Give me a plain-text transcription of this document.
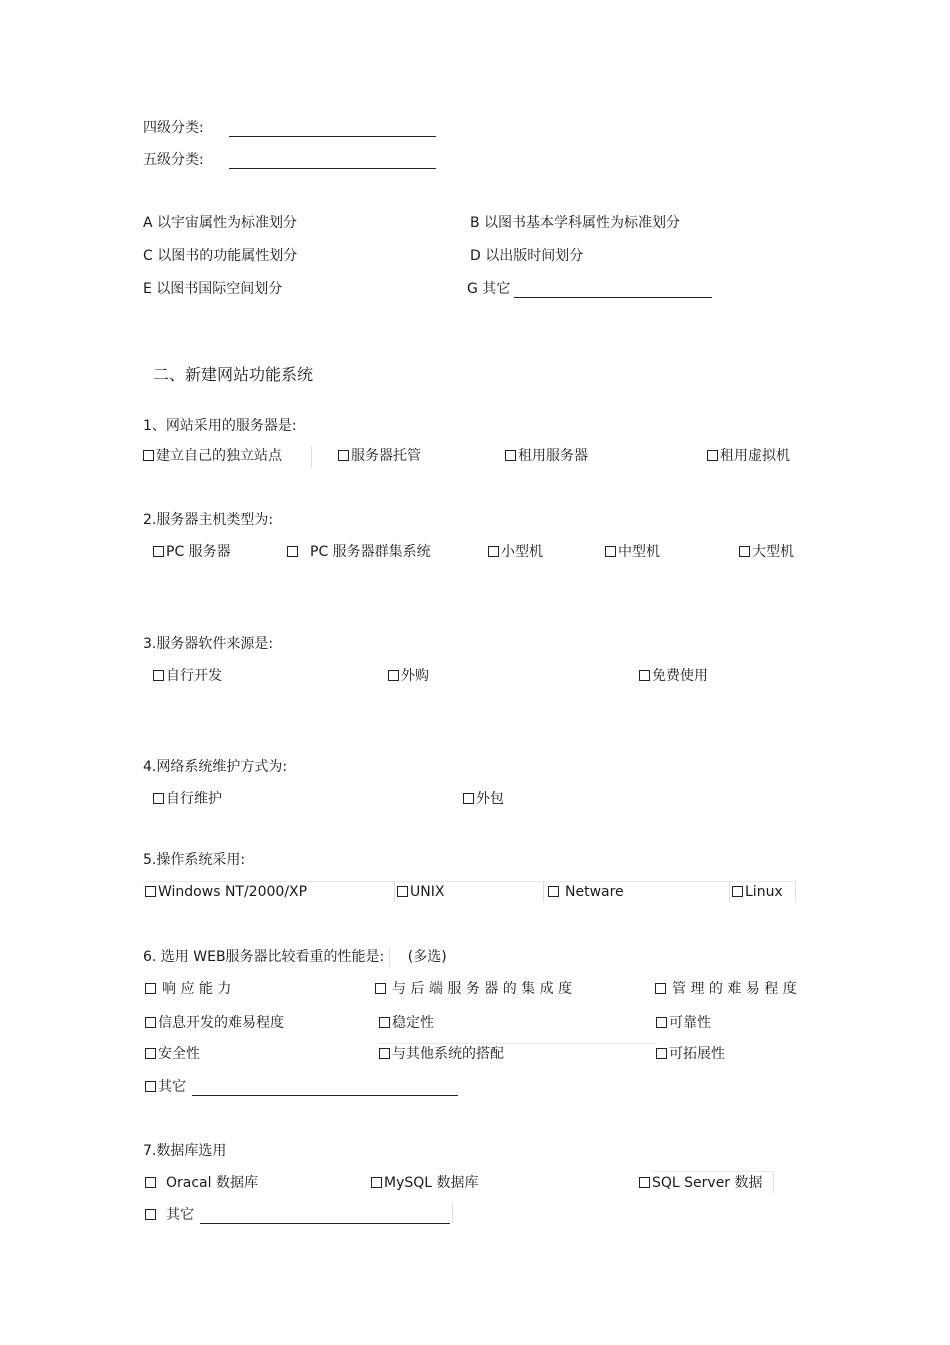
四级分类:
五级分类:
A 以宇宙属性为标准划分	B 以图书基本学科属性为标准划分
C 以图书的功能属性划分	D 以出版时间划分
E 以图书国际空间划分	G 其它
二、新建网站功能系统
1、网站采用的服务器是:
建立自己的独立站点	服务器托管	租用服务器	租用虚拟机
2.服务器主机类型为:
PC 服务器	PC 服务器群集系统	小型机	中型机	大型机
3.服务器软件来源是:
自行开发	外购	免费使用
4.网络系统维护方式为:
自行维护	外包
5.操作系统采用:
Windows NT/2000/XP	UNIX	Netware	Linux
6. 选用 WEB服务器比较看重的性能是: (多选)
响 应 能 力	与 后 端 服 务 器 的 集 成 度	管 理 的 难 易 程 度
信息开发的难易程度	稳定性	可靠性
安全性	与其他系统的搭配	可拓展性
其它
7.数据库选用
Oracal 数据库	MySQL 数据库	SQL Server 数据
其它
